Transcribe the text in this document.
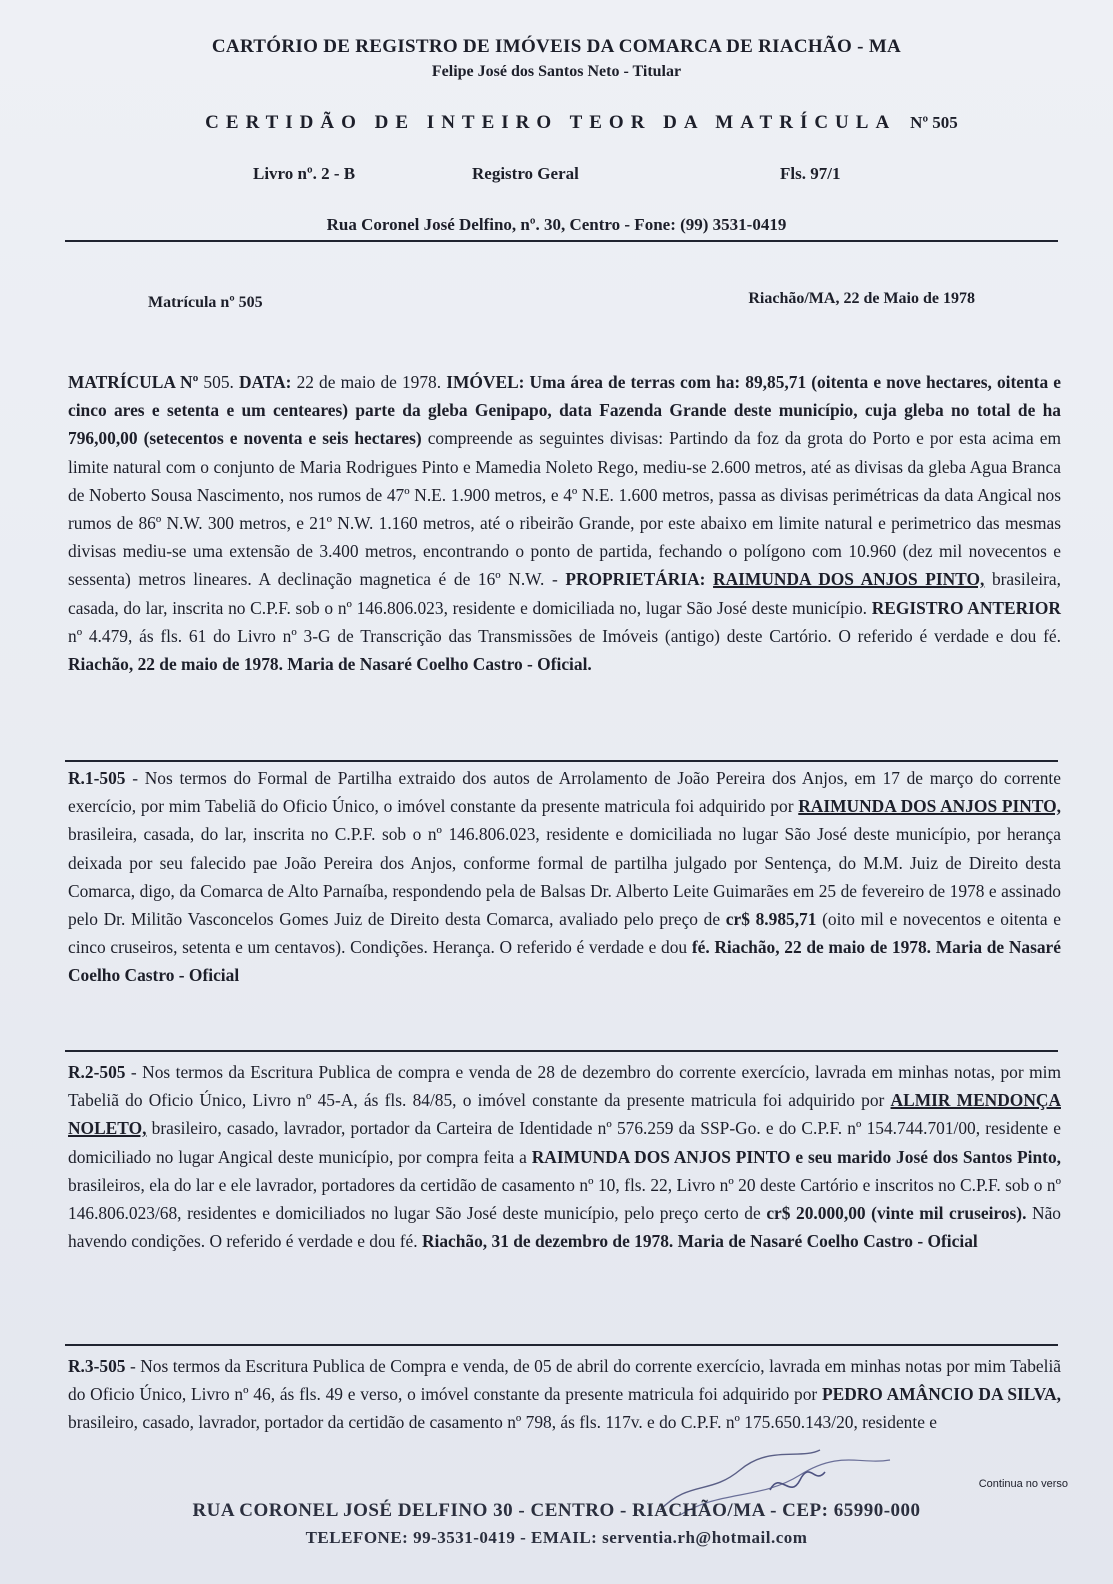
CARTÓRIO DE REGISTRO DE IMÓVEIS DA COMARCA DE RIACHÃO - MA
Felipe José dos Santos Neto - Titular
CERTIDÃO DE INTEIRO TEOR DA MATRÍCULA Nº 505
Livro nº. 2 - B	Registro Geral	Fls. 97/1
Rua Coronel José Delfino, nº. 30, Centro - Fone: (99) 3531-0419
Matrícula nº 505	Riachão/MA, 22 de Maio de 1978
MATRÍCULA Nº 505. DATA: 22 de maio de 1978. IMÓVEL: Uma área de terras com ha: 89,85,71 (oitenta e nove hectares, oitenta e cinco ares e setenta e um centeares) parte da gleba Genipapo, data Fazenda Grande deste município, cuja gleba no total de ha 796,00,00 (setecentos e noventa e seis hectares) compreende as seguintes divisas: Partindo da foz da grota do Porto e por esta acima em limite natural com o conjunto de Maria Rodrigues Pinto e Mamedia Noleto Rego, mediu-se 2.600 metros, até as divisas da gleba Agua Branca de Noberto Sousa Nascimento, nos rumos de 47º N.E. 1.900 metros, e 4º N.E. 1.600 metros, passa as divisas perimétricas da data Angical nos rumos de 86º N.W. 300 metros, e 21º N.W. 1.160 metros, até o ribeirão Grande, por este abaixo em limite natural e perimetrico das mesmas divisas mediu-se uma extensão de 3.400 metros, encontrando o ponto de partida, fechando o polígono com 10.960 (dez mil novecentos e sessenta) metros lineares. A declinação magnetica é de 16º N.W. - PROPRIETÁRIA: RAIMUNDA DOS ANJOS PINTO, brasileira, casada, do lar, inscrita no C.P.F. sob o nº 146.806.023, residente e domiciliada no, lugar São José deste município. REGISTRO ANTERIOR nº 4.479, ás fls. 61 do Livro nº 3-G de Transcrição das Transmissões de Imóveis (antigo) deste Cartório. O referido é verdade e dou fé. Riachão, 22 de maio de 1978. Maria de Nasaré Coelho Castro - Oficial.
R.1-505 - Nos termos do Formal de Partilha extraido dos autos de Arrolamento de João Pereira dos Anjos, em 17 de março do corrente exercício, por mim Tabeliã do Oficio Único, o imóvel constante da presente matricula foi adquirido por RAIMUNDA DOS ANJOS PINTO, brasileira, casada, do lar, inscrita no C.P.F. sob o nº 146.806.023, residente e domiciliada no lugar São José deste município, por herança deixada por seu falecido pae João Pereira dos Anjos, conforme formal de partilha julgado por Sentença, do M.M. Juiz de Direito desta Comarca, digo, da Comarca de Alto Parnaíba, respondendo pela de Balsas Dr. Alberto Leite Guimarães em 25 de fevereiro de 1978 e assinado pelo Dr. Militão Vasconcelos Gomes Juiz de Direito desta Comarca, avaliado pelo preço de cr$ 8.985,71 (oito mil e novecentos e oitenta e cinco cruseiros, setenta e um centavos). Condições. Herança. O referido é verdade e dou fé. Riachão, 22 de maio de 1978. Maria de Nasaré Coelho Castro - Oficial
R.2-505 - Nos termos da Escritura Publica de compra e venda de 28 de dezembro do corrente exercício, lavrada em minhas notas, por mim Tabeliã do Oficio Único, Livro nº 45-A, ás fls. 84/85, o imóvel constante da presente matricula foi adquirido por ALMIR MENDONÇA NOLETO, brasileiro, casado, lavrador, portador da Carteira de Identidade nº 576.259 da SSP-Go. e do C.P.F. nº 154.744.701/00, residente e domiciliado no lugar Angical deste município, por compra feita a RAIMUNDA DOS ANJOS PINTO e seu marido José dos Santos Pinto, brasileiros, ela do lar e ele lavrador, portadores da certidão de casamento nº 10, fls. 22, Livro nº 20 deste Cartório e inscritos no C.P.F. sob o nº 146.806.023/68, residentes e domiciliados no lugar São José deste município, pelo preço certo de cr$ 20.000,00 (vinte mil cruseiros). Não havendo condições. O referido é verdade e dou fé. Riachão, 31 de dezembro de 1978. Maria de Nasaré Coelho Castro - Oficial
R.3-505 - Nos termos da Escritura Publica de Compra e venda, de 05 de abril do corrente exercício, lavrada em minhas notas por mim Tabeliã do Oficio Único, Livro nº 46, ás fls. 49 e verso, o imóvel constante da presente matricula foi adquirido por PEDRO AMÂNCIO DA SILVA, brasileiro, casado, lavrador, portador da certidão de casamento nº 798, ás fls. 117v. e do C.P.F. nº 175.650.143/20, residente e
Continua no verso
RUA CORONEL JOSÉ DELFINO 30 - CENTRO - RIACHÃO/MA - CEP: 65990-000
TELEFONE: 99-3531-0419 - EMAIL: serventia.rh@hotmail.com
